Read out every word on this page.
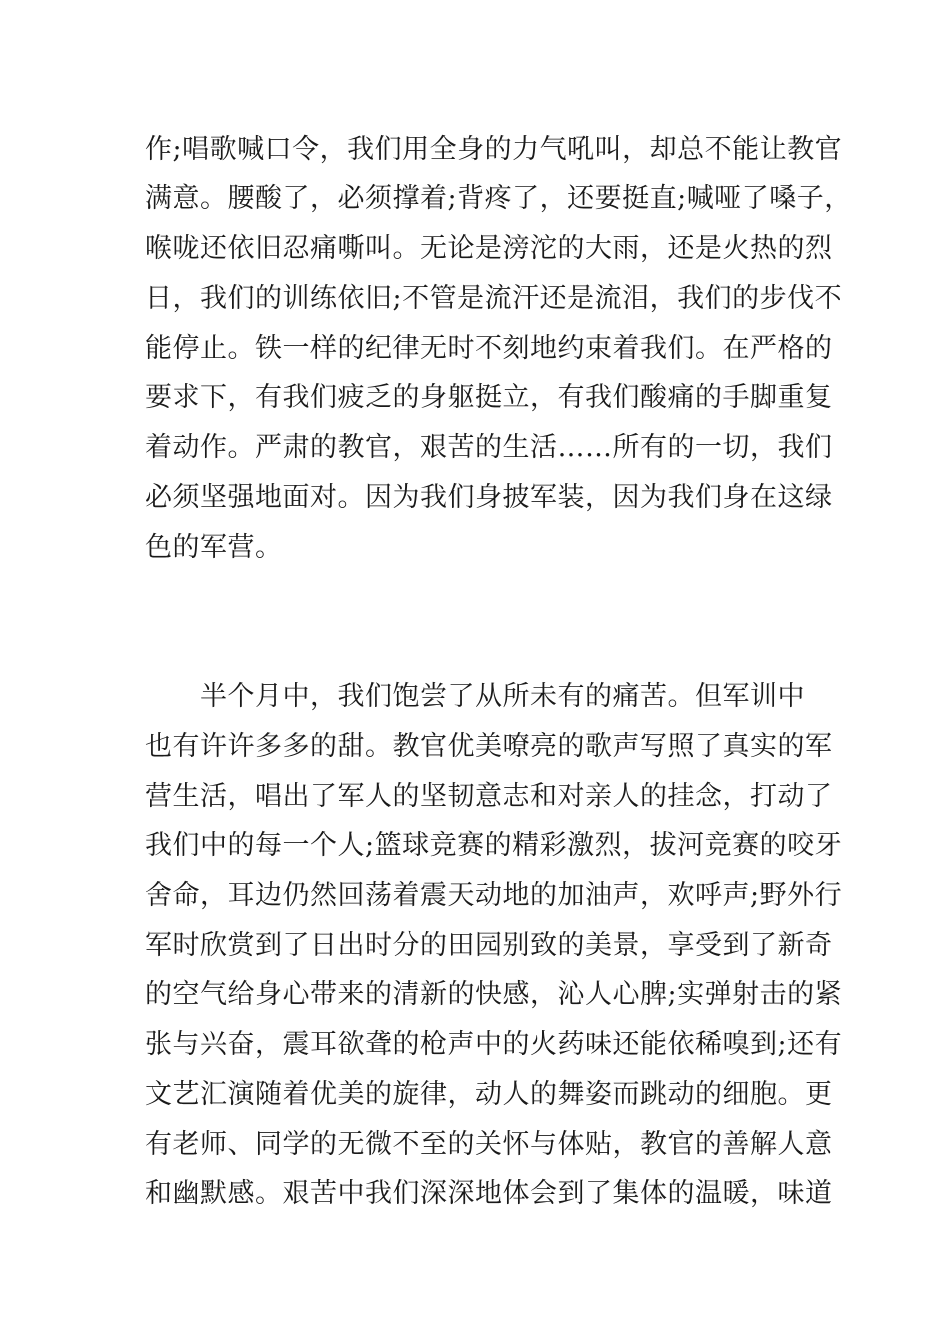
作;唱歌喊口令，我们用全身的力气吼叫，却总不能让教官
满意。腰酸了，必须撑着;背疼了，还要挺直;喊哑了嗓子，
喉咙还依旧忍痛嘶叫。无论是滂沱的大雨，还是火热的烈
日，我们的训练依旧;不管是流汗还是流泪，我们的步伐不
能停止。铁一样的纪律无时不刻地约束着我们。在严格的
要求下，有我们疲乏的身躯挺立，有我们酸痛的手脚重复
着动作。严肃的教官，艰苦的生活……所有的一切，我们
必须坚强地面对。因为我们身披军装，因为我们身在这绿
色的军营。
　　半个月中，我们饱尝了从所未有的痛苦。但军训中
也有许许多多的甜。教官优美嘹亮的歌声写照了真实的军
营生活，唱出了军人的坚韧意志和对亲人的挂念，打动了
我们中的每一个人;篮球竞赛的精彩激烈，拔河竞赛的咬牙
舍命，耳边仍然回荡着震天动地的加油声，欢呼声;野外行
军时欣赏到了日出时分的田园别致的美景，享受到了新奇
的空气给身心带来的清新的快感，沁人心脾;实弹射击的紧
张与兴奋，震耳欲聋的枪声中的火药味还能依稀嗅到;还有
文艺汇演随着优美的旋律，动人的舞姿而跳动的细胞。更
有老师、同学的无微不至的关怀与体贴，教官的善解人意
和幽默感。艰苦中我们深深地体会到了集体的温暖，味道
